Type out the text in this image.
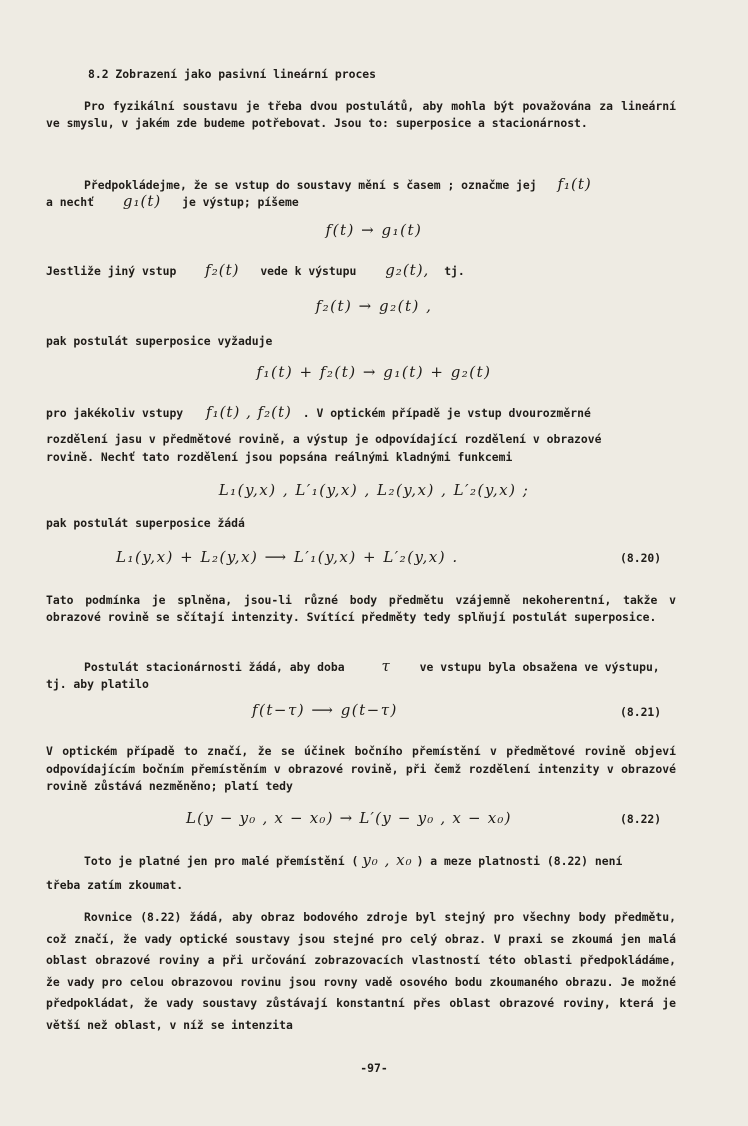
8.2 Zobrazení jako pasivní lineární proces
Pro fyzikální soustavu je třeba dvou postulátů, aby mohla být považována za lineární ve smyslu, v jakém zde budeme potřebovat. Jsou to: superposice a stacionárnost.
Předpokládejme, že se vstup do soustavy mění s časem ; označme jej f₁(t)
a nechť g₁(t) je výstup; píšeme
f(t) → g₁(t)
Jestliže jiný vstup f₂(t) vede k výstupu g₂(t), tj.
f₂(t) → g₂(t) ,
pak postulát superposice vyžaduje
f₁(t) + f₂(t) → g₁(t) + g₂(t)
pro jakékoliv vstupy f₁(t) , f₂(t) . V optickém případě je vstup dvourozměrné
rozdělení jasu v předmětové rovině, a výstup je odpovídající rozdělení v obrazové
rovině. Nechť tato rozdělení jsou popsána reálnými kladnými funkcemi
L₁(y,x) , L′₁(y,x) , L₂(y,x) , L′₂(y,x) ;
pak postulát superposice žádá
L₁(y,x) + L₂(y,x) ⟶ L′₁(y,x) + L′₂(y,x) .	(8.20)
Tato podmínka je splněna, jsou-li různé body předmětu vzájemně nekoherentní, takže v obrazové rovině se sčítají intenzity. Svítící předměty tedy splňují postulát superposice.
Postulát stacionárnosti žádá, aby doba τ	ve vstupu byla obsažena ve výstupu,
tj. aby platilo
f(t−τ) ⟶ g(t−τ)	(8.21)
V optickém případě to značí, že se účinek bočního přemístění v předmětové rovině objeví odpovídajícím bočním přemístěním v obrazové rovině, při čemž rozdělení intenzity v obrazové rovině zůstává nezměněno; platí tedy
L(y − y₀ , x − x₀) → L′(y − y₀ , x − x₀)	(8.22)
Toto je platné jen pro malé přemístění ( y₀ , x₀ ) a meze platnosti (8.22) není
třeba zatím zkoumat.
Rovnice (8.22) žádá, aby obraz bodového zdroje byl stejný pro všechny body předmětu, což značí, že vady optické soustavy jsou stejné pro celý obraz. V praxi se zkoumá jen malá oblast obrazové roviny a při určování zobrazovacích vlastností této oblasti předpokládáme, že vady pro celou obrazovou rovinu jsou rovny vadě osového bodu zkoumaného obrazu. Je možné předpokládat, že vady soustavy zůstávají konstantní přes oblast obrazové roviny, která je větší než oblast, v níž se intenzita
-97-
